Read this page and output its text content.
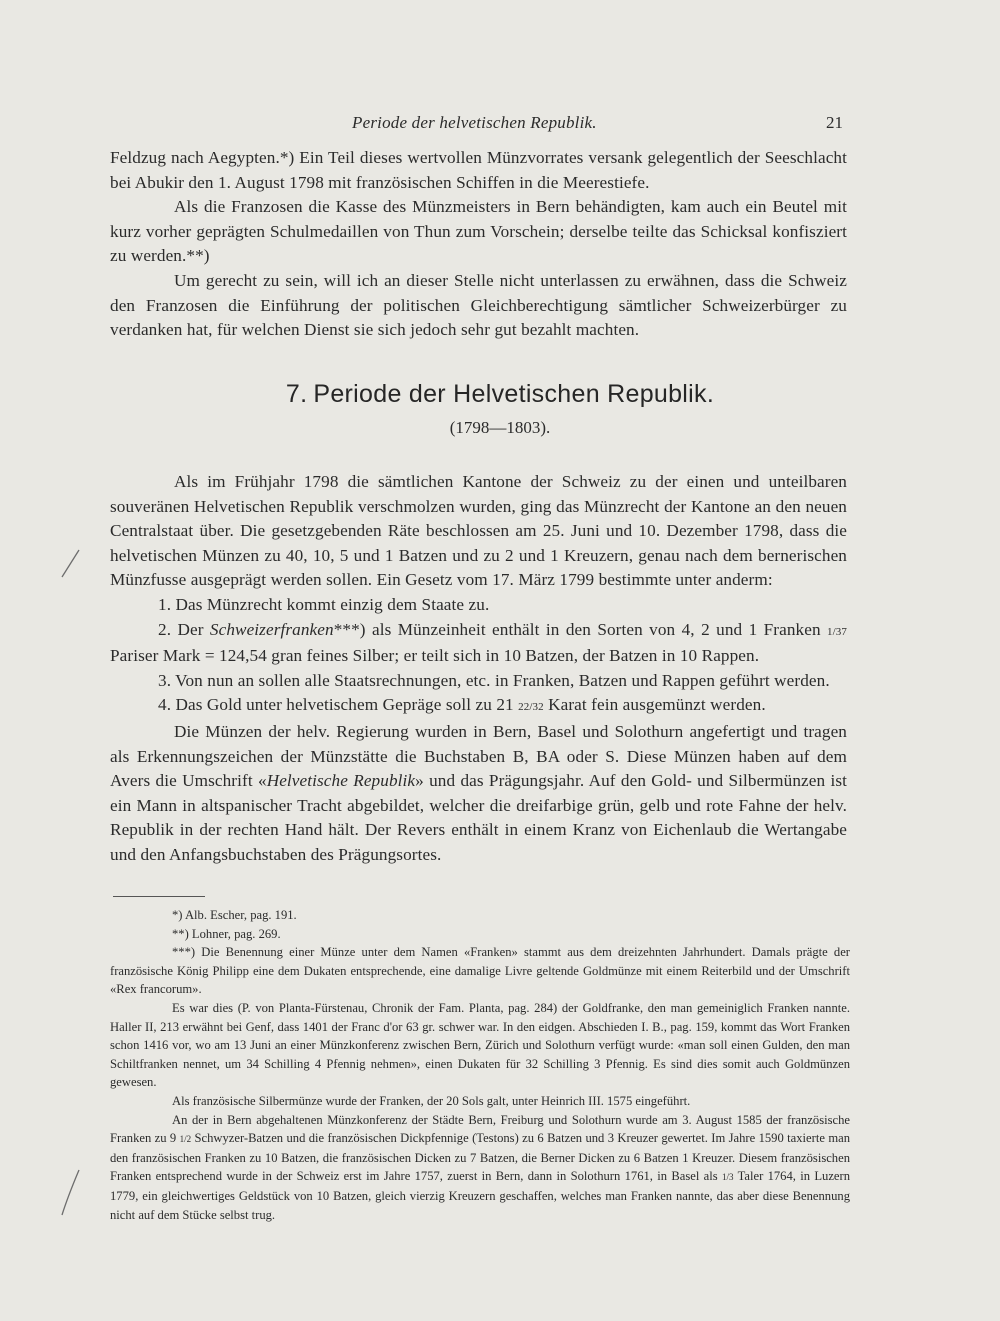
Periode der helvetischen Republik.	21

Feldzug nach Aegypten.*) Ein Teil dieses wertvollen Münzvorrates versank gelegentlich der Seeschlacht bei Abukir den 1. August 1798 mit französischen Schiffen in die Meerestiefe.

Als die Franzosen die Kasse des Münzmeisters in Bern behändigten, kam auch ein Beutel mit kurz vorher geprägten Schulmedaillen von Thun zum Vorschein; derselbe teilte das Schicksal konfisziert zu werden.**)

Um gerecht zu sein, will ich an dieser Stelle nicht unterlassen zu erwähnen, dass die Schweiz den Franzosen die Einführung der politischen Gleichberechtigung sämtlicher Schweizerbürger zu verdanken hat, für welchen Dienst sie sich jedoch sehr gut bezahlt machten.

7. Periode der Helvetischen Republik.
(1798—1803).

Als im Frühjahr 1798 die sämtlichen Kantone der Schweiz zu der einen und unteilbaren souveränen Helvetischen Republik verschmolzen wurden, ging das Münzrecht der Kantone an den neuen Centralstaat über. Die gesetzgebenden Räte beschlossen am 25. Juni und 10. Dezember 1798, dass die helvetischen Münzen zu 40, 10, 5 und 1 Batzen und zu 2 und 1 Kreuzern, genau nach dem bernerischen Münzfusse ausgeprägt werden sollen. Ein Gesetz vom 17. März 1799 bestimmte unter anderm:

1. Das Münzrecht kommt einzig dem Staate zu.

2. Der Schweizerfranken***) als Münzeinheit enthält in den Sorten von 4, 2 und 1 Franken 1/37 Pariser Mark = 124,54 gran feines Silber; er teilt sich in 10 Batzen, der Batzen in 10 Rappen.

3. Von nun an sollen alle Staatsrechnungen, etc. in Franken, Batzen und Rappen geführt werden.

4. Das Gold unter helvetischem Gepräge soll zu 21 22/32 Karat fein ausgemünzt werden.

Die Münzen der helv. Regierung wurden in Bern, Basel und Solothurn angefertigt und tragen als Erkennungszeichen der Münzstätte die Buchstaben B, BA oder S. Diese Münzen haben auf dem Avers die Umschrift «Helvetische Republik» und das Prägungsjahr. Auf den Gold- und Silbermünzen ist ein Mann in altspanischer Tracht abgebildet, welcher die dreifarbige grün, gelb und rote Fahne der helv. Republik in der rechten Hand hält. Der Revers enthält in einem Kranz von Eichenlaub die Wertangabe und den Anfangsbuchstaben des Prägungsortes.

*) Alb. Escher, pag. 191.

**) Lohner, pag. 269.

***) Die Benennung einer Münze unter dem Namen «Franken» stammt aus dem dreizehnten Jahrhundert. Damals prägte der französische König Philipp eine dem Dukaten entsprechende, eine damalige Livre geltende Goldmünze mit einem Reiterbild und der Umschrift «Rex francorum».

Es war dies (P. von Planta-Fürstenau, Chronik der Fam. Planta, pag. 284) der Goldfranke, den man gemeiniglich Franken nannte. Haller II, 213 erwähnt bei Genf, dass 1401 der Franc d'or 63 gr. schwer war. In den eidgen. Abschieden I. B., pag. 159, kommt das Wort Franken schon 1416 vor, wo am 13 Juni an einer Münzkonferenz zwischen Bern, Zürich und Solothurn verfügt wurde: «man soll einen Gulden, den man Schiltfranken nennet, um 34 Schilling 4 Pfennig nehmen», einen Dukaten für 32 Schilling 3 Pfennig. Es sind dies somit auch Goldmünzen gewesen.

Als französische Silbermünze wurde der Franken, der 20 Sols galt, unter Heinrich III. 1575 eingeführt.

An der in Bern abgehaltenen Münzkonferenz der Städte Bern, Freiburg und Solothurn wurde am 3. August 1585 der französische Franken zu 9 1/2 Schwyzer-Batzen und die französischen Dickpfennige (Testons) zu 6 Batzen und 3 Kreuzer gewertet. Im Jahre 1590 taxierte man den französischen Franken zu 10 Batzen, die französischen Dicken zu 7 Batzen, die Berner Dicken zu 6 Batzen 1 Kreuzer. Diesem französischen Franken entsprechend wurde in der Schweiz erst im Jahre 1757, zuerst in Bern, dann in Solothurn 1761, in Basel als 1/3 Taler 1764, in Luzern 1779, ein gleichwertiges Geldstück von 10 Batzen, gleich vierzig Kreuzern geschaffen, welches man Franken nannte, das aber diese Benennung nicht auf dem Stücke selbst trug.
